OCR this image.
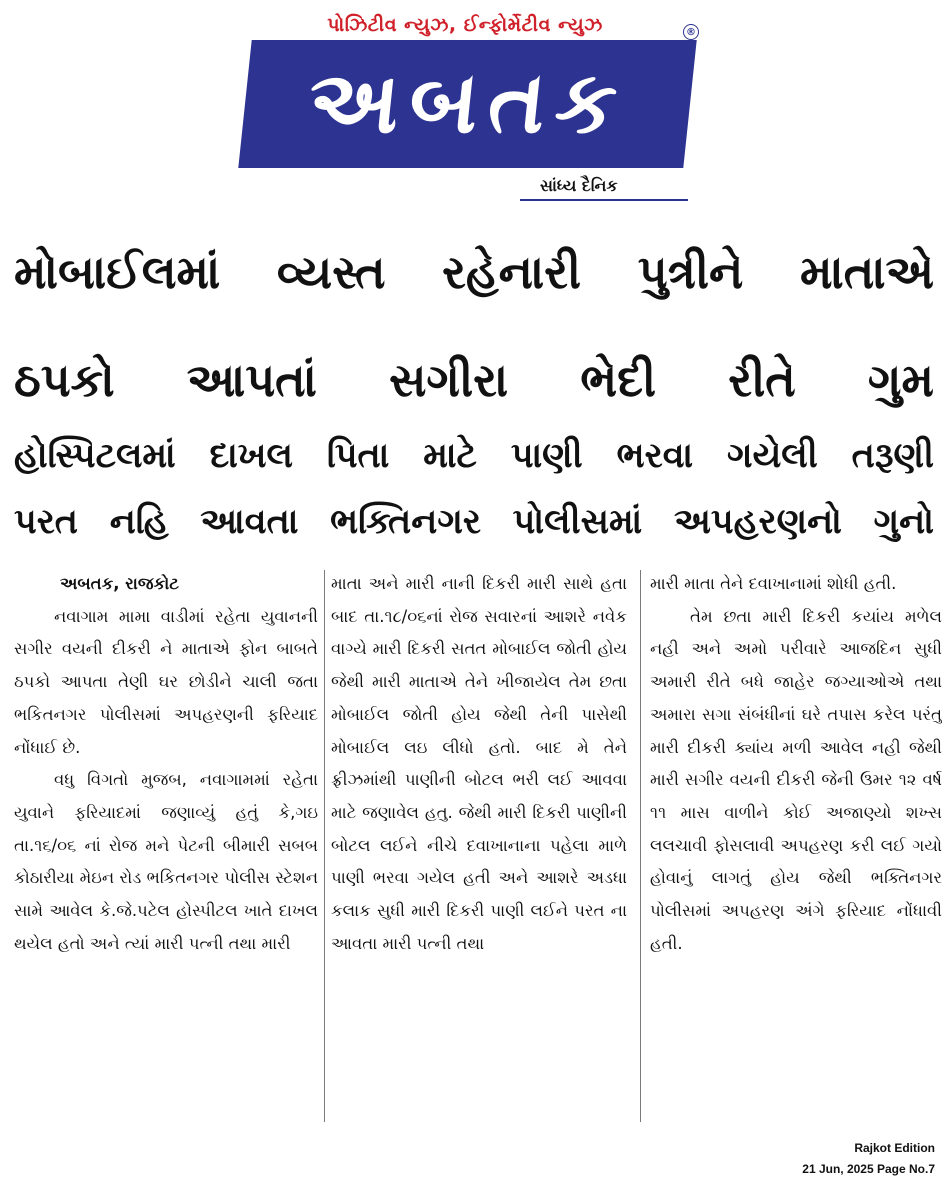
પોઝિટીવ ન્યુઝ, ઈન્ફોર્મેટીવ ન્યુઝ
અબતક
®
સાંધ્ય દૈનિક
મોબાઈલમાં વ્યસ્ત રહેનારી પુત્રીને માતાએ
ઠપકો આપતાં સગીરા ભેદી રીતે ગુમ
હોસ્પિટલમાં દાખલ પિતા માટે પાણી ભરવા ગયેલી તરૂણી
પરત નહિ આવતા ભક્તિનગર પોલીસમાં અપહરણનો ગુનો
અબતક, રાજકોટ

નવાગામ મામા વાડીમાં રહેતા યુવાનની સગીર વયની દીકરી ને માતાએ ફોન બાબતે ઠપકો આપતા તેણી ઘર છોડીને ચાલી જતા ભકિતનગર પોલીસમાં અપહરણની ફરિયાદ નોંધાઈ છે.

વધુ વિગતો મુજબ, નવાગામમાં રહેતા યુવાને ફરિયાદમાં જણાવ્યું હતું કે,ગઇ તા.૧૬/૦૬ નાં રોજ મને પેટની બીમારી સબબ કોઠારીયા મેઇન રોડ ભકિતનગર પોલીસ સ્ટેશન સામે આવેલ કે.જે.પટેલ હોસ્પીટલ ખાતે દાખલ થયેલ હતો અને ત્યાં મારી પત્ની તથા મારી

માતા અને મારી નાની દિકરી મારી સાથે હતા બાદ તા.૧૮/૦૬નાં રોજ સવારનાં આશરે નવેક વાગ્યે મારી દિકરી સતત મોબાઈલ જોતી હોય જેથી મારી માતાએ તેને ખીજાયેલ તેમ છતા મોબાઈલ જોતી હોય જેથી તેની પાસેથી મોબાઈલ લઇ લીધો હતો. બાદ મે તેને ફ્રીઝમાંથી પાણીની બોટલ ભરી લઈ આવવા માટે જણાવેલ હતુ. જેથી મારી દિકરી પાણીની બોટલ લઈને નીચે દવાખાનાના પહેલા માળે પાણી ભરવા ગયેલ હતી અને આશરે અડધા કલાક સુધી મારી દિકરી પાણી લઈને પરત ના આવતા મારી પત્ની તથા

મારી માતા તેને દવાખાનામાં શોધી હતી.

તેમ છતા મારી દિકરી કયાંય મળેલ નહી અને અમો પરીવારે આજદિન સુધી અમારી રીતે બધે જાહેર જગ્યાઓએ તથા અમારા સગા સંબંધીનાં ઘરે તપાસ કરેલ પરંતુ મારી દીકરી ક્યાંય મળી આવેલ નહી જેથી મારી સગીર વયની દીકરી જેની ઉમર ૧૨ વર્ષ ૧૧ માસ વાળીને કોઈ અજાણ્યો શખ્સ લલચાવી ફોસલાવી અપહરણ કરી લઈ ગયો હોવાનું લાગતું હોય જેથી ભક્તિનગર પોલીસમાં અપહરણ અંગે ફરિયાદ નોંધાવી હતી.

Rajkot Edition
21 Jun, 2025 Page No.7
